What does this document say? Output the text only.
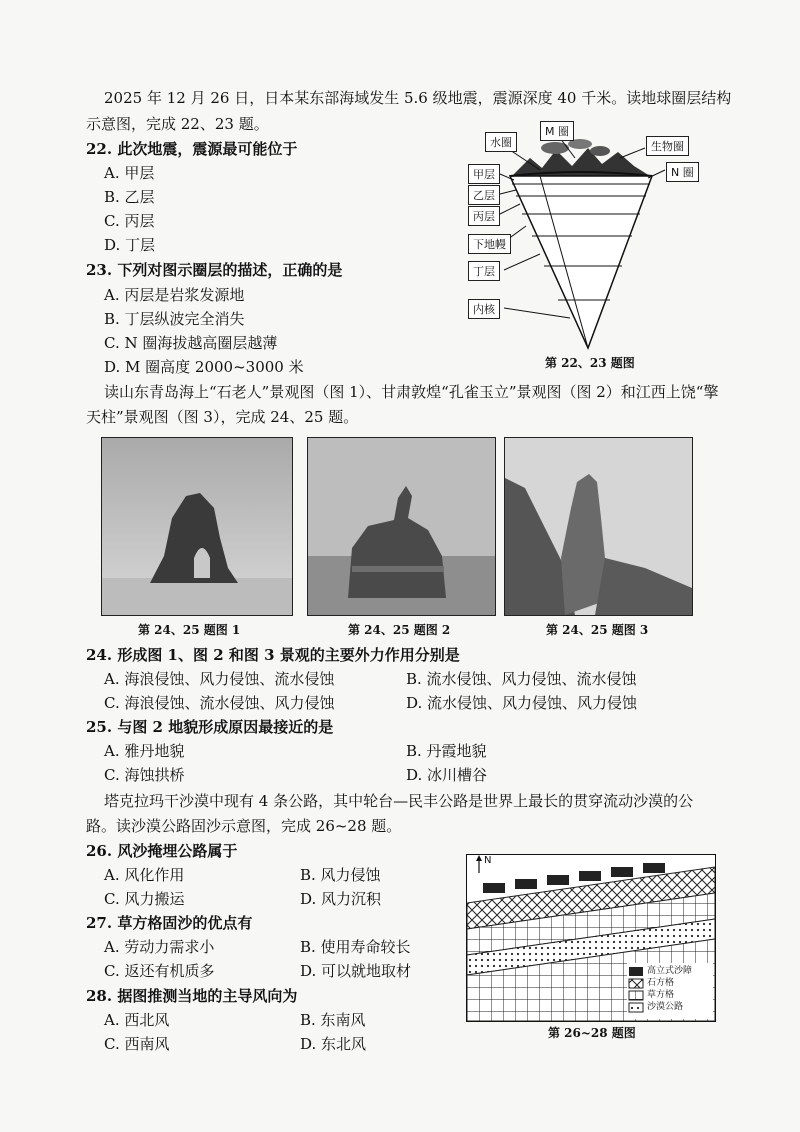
2025 年 12 月 26 日，日本某东部海域发生 5.6 级地震，震源深度 40 千米。读地球圈层结构
示意图，完成 22、23 题。
22. 此次地震，震源最可能位于
A. 甲层
B. 乙层
C. 丙层
D. 丁层
23. 下列对图示圈层的描述，正确的是
A. 丙层是岩浆发源地
B. 丁层纵波完全消失
C. N 圈海拔越高圈层越薄
D. M 圈高度 2000~3000 米
水圈
M 圈
生物圈
N 圈
甲层
乙层
丙层
下地幔
丁层
内核
第 22、23 题图
读山东青岛海上“石老人”景观图（图 1）、甘肃敦煌“孔雀玉立”景观图（图 2）和江西上饶“擎
天柱”景观图（图 3），完成 24、25 题。
第 24、25 题图 1	第 24、25 题图 2	第 24、25 题图 3
24. 形成图 1、图 2 和图 3 景观的主要外力作用分别是
A. 海浪侵蚀、风力侵蚀、流水侵蚀	B. 流水侵蚀、风力侵蚀、流水侵蚀
C. 海浪侵蚀、流水侵蚀、风力侵蚀	D. 流水侵蚀、风力侵蚀、风力侵蚀
25. 与图 2 地貌形成原因最接近的是
A. 雅丹地貌	B. 丹霞地貌
C. 海蚀拱桥	D. 冰川槽谷
塔克拉玛干沙漠中现有 4 条公路，其中轮台—民丰公路是世界上最长的贯穿流动沙漠的公
路。读沙漠公路固沙示意图，完成 26~28 题。
26. 风沙掩埋公路属于
A. 风化作用	B. 风力侵蚀
C. 风力搬运	D. 风力沉积
27. 草方格固沙的优点有
A. 劳动力需求小	B. 使用寿命较长
C. 返还有机质多	D. 可以就地取材
28. 据图推测当地的主导风向为
A. 西北风	B. 东南风
C. 西南风	D. 东北风
N
高立式沙障
石方格
草方格
沙漠公路
第 26~28 题图
